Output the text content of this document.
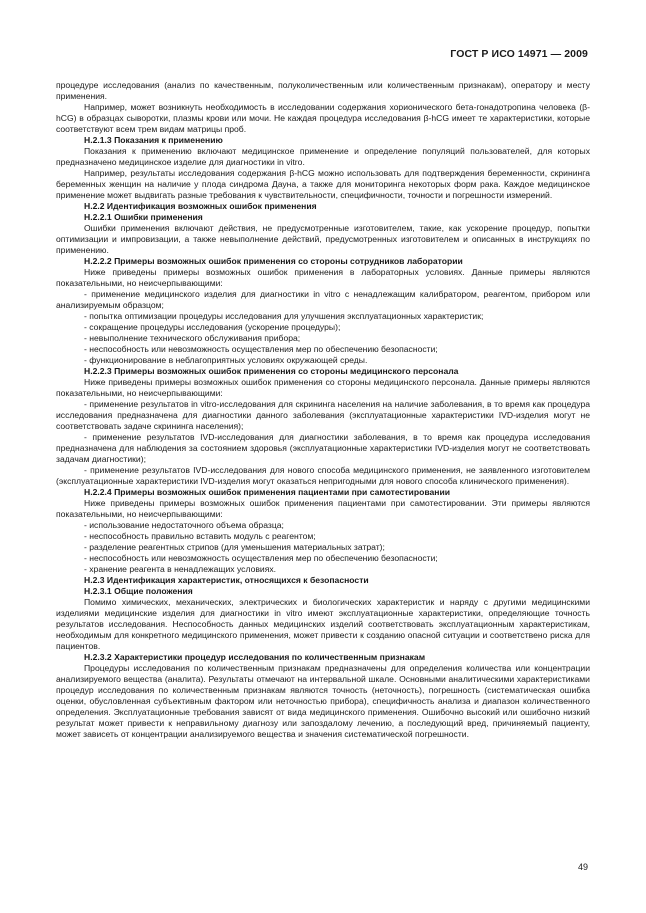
ГОСТ Р ИСО 14971 — 2009

процедуре исследования (анализ по качественным, полуколичественным или количественным признакам), оператору и месту применения.

Например, может возникнуть необходимость в исследовании содержания хорионического бета-гонадотропина человека (β-hCG) в образцах сыворотки, плазмы крови или мочи. Не каждая процедура исследования β-hCG имеет те характеристики, которые соответствуют всем трем видам матрицы проб.

Н.2.1.3 Показания к применению

Показания к применению включают медицинское применение и определение популяций пользователей, для которых предназначено медицинское изделие для диагностики in vitro.

Например, результаты исследования содержания β-hCG можно использовать для подтверждения беременности, скрининга беременных женщин на наличие у плода синдрома Дауна, а также для мониторинга некоторых форм рака. Каждое медицинское применение может выдвигать разные требования к чувствительности, специфичности, точности и погрешности измерений.

Н.2.2 Идентификация возможных ошибок применения

Н.2.2.1 Ошибки применения

Ошибки применения включают действия, не предусмотренные изготовителем, такие, как ускорение процедур, попытки оптимизации и импровизации, а также невыполнение действий, предусмотренных изготовителем и описанных в инструкциях по применению.

Н.2.2.2 Примеры возможных ошибок применения со стороны сотрудников лаборатории

Ниже приведены примеры возможных ошибок применения в лабораторных условиях. Данные примеры являются показательными, но неисчерпывающими:

- применение медицинского изделия для диагностики in vitro с ненадлежащим калибратором, реагентом, прибором или анализируемым образцом;

- попытка оптимизации процедуры исследования для улучшения эксплуатационных характеристик;

- сокращение процедуры исследования (ускорение процедуры);

- невыполнение технического обслуживания прибора;

- неспособность или невозможность осуществления мер по обеспечению безопасности;

- функционирование в неблагоприятных условиях окружающей среды.

Н.2.2.3 Примеры возможных ошибок применения со стороны медицинского персонала

Ниже приведены примеры возможных ошибок применения со стороны медицинского персонала. Данные примеры являются показательными, но неисчерпывающими:

- применение результатов in vitro-исследования для скрининга населения на наличие заболевания, в то время как процедура исследования предназначена для диагностики данного заболевания (эксплуатационные характеристики IVD-изделия могут не соответствовать задаче скрининга населения);

- применение результатов IVD-исследования для диагностики заболевания, в то время как процедура исследования предназначена для наблюдения за состоянием здоровья (эксплуатационные характеристики IVD-изделия могут не соответствовать задачам диагностики);

- применение результатов IVD-исследования для нового способа медицинского применения, не заявленного изготовителем (эксплуатационные характеристики IVD-изделия могут оказаться непригодными для нового способа клинического применения).

Н.2.2.4 Примеры возможных ошибок применения пациентами при самотестировании

Ниже приведены примеры возможных ошибок применения пациентами при самотестировании. Эти примеры являются показательными, но неисчерпывающими:

- использование недостаточного объема образца;

- неспособность правильно вставить модуль с реагентом;

- разделение реагентных стрипов (для уменьшения материальных затрат);

- неспособность или невозможность осуществления мер по обеспечению безопасности;

- хранение реагента в ненадлежащих условиях.

Н.2.3 Идентификация характеристик, относящихся к безопасности

Н.2.3.1 Общие положения

Помимо химических, механических, электрических и биологических характеристик и наряду с другими медицинскими изделиями медицинские изделия для диагностики in vitro имеют эксплуатационные характеристики, определяющие точность результатов исследования. Неспособность данных медицинских изделий соответствовать эксплуатационным характеристикам, необходимым для конкретного медицинского применения, может привести к созданию опасной ситуации и соответствено риска для пациентов.

Н.2.3.2 Характеристики процедур исследования по количественным признакам

Процедуры исследования по количественным признакам предназначены для определения количества или концентрации анализируемого вещества (аналита). Результаты отмечают на интервальной шкале. Основными аналитическими характеристиками процедур исследования по количественным признакам являются точность (неточность), погрешность (систематическая ошибка оценки, обусловленная субъективным фактором или неточностью прибора), специфичность анализа и диапазон количественного определения. Эксплуатационные требования зависят от вида медицинского применения. Ошибочно высокий или ошибочно низкий результат может привести к неправильному диагнозу или запоздалому лечению, а последующий вред, причиняемый пациенту, может зависеть от концентрации анализируемого вещества и значения систематической погрешности.

49
